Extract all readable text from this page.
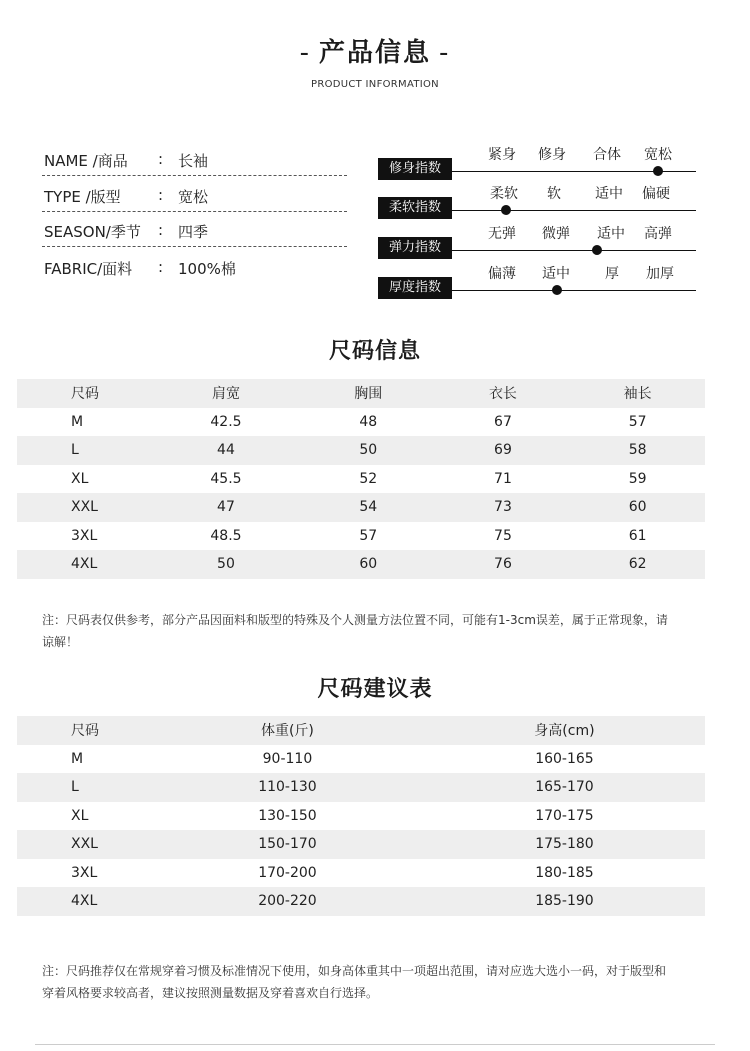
- 产品信息 -
PRODUCT INFORMATION
NAME /商品 : 长袖
TYPE /版型 : 宽松
SEASON/季节 : 四季
FABRIC/面料 : 100%棉
修身指数
紧身 修身 合体 宽松
柔软指数
柔软 软 适中 偏硬
弹力指数
无弹 微弹 适中 高弹
厚度指数
偏薄 适中	厚 加厚
尺码信息
尺码	肩宽	胸围	衣长	袖长
M	42.5	48	67	57
L	44	50	69	58
XL	45.5	52	71	59
XXL	47	54	73	60
3XL	48.5	57	75	61
4XL	50	60	76	62
注：尺码表仅供参考，部分产品因面料和版型的特殊及个人测量方法位置不同，可能有1-3cm误差，属于正常现象，请
谅解！
尺码建议表
尺码	体重(斤)	身高(cm)
M	90-110	160-165
L	110-130	165-170
XL	130-150	170-175
XXL	150-170	175-180
3XL	170-200	180-185
4XL	200-220	185-190
注：尺码推荐仅在常规穿着习惯及标准情况下使用，如身高体重其中一项超出范围，请对应选大选小一码，对于版型和
穿着风格要求较高者，建议按照测量数据及穿着喜欢自行选择。
